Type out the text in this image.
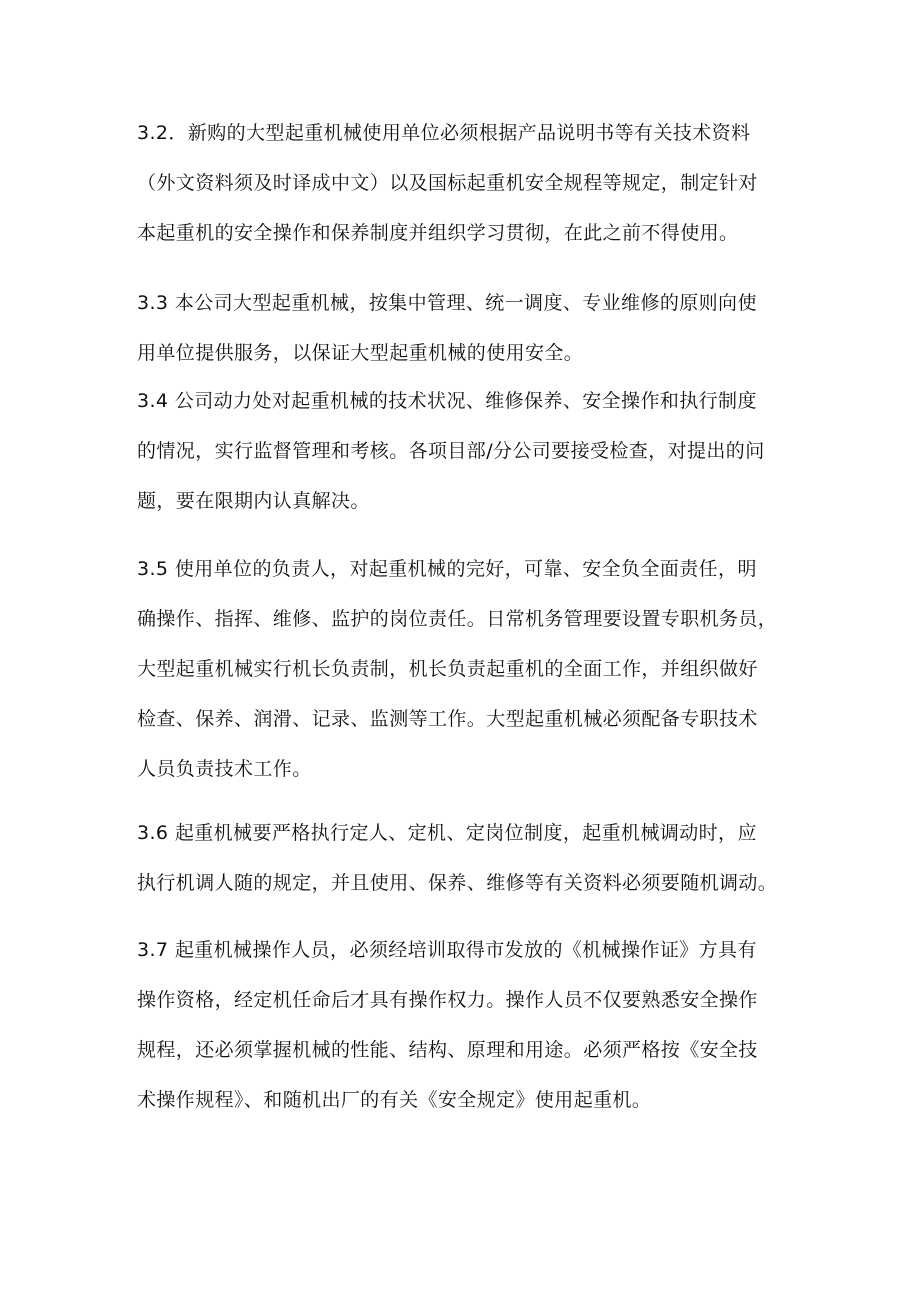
3.2．新购的大型起重机械使用单位必须根据产品说明书等有关技术资料
（外文资料须及时译成中文）以及国标起重机安全规程等规定，制定针对
本起重机的安全操作和保养制度并组织学习贯彻，在此之前不得使用。
3.3 本公司大型起重机械，按集中管理、统一调度、专业维修的原则向使
用单位提供服务，以保证大型起重机械的使用安全。
3.4 公司动力处对起重机械的技术状况、维修保养、安全操作和执行制度
的情况，实行监督管理和考核。各项目部/分公司要接受检查，对提出的问
题，要在限期内认真解决。
3.5 使用单位的负责人，对起重机械的完好，可靠、安全负全面责任，明
确操作、指挥、维修、监护的岗位责任。日常机务管理要设置专职机务员，
大型起重机械实行机长负责制，机长负责起重机的全面工作，并组织做好
检查、保养、润滑、记录、监测等工作。大型起重机械必须配备专职技术
人员负责技术工作。
3.6 起重机械要严格执行定人、定机、定岗位制度，起重机械调动时，应
执行机调人随的规定，并且使用、保养、维修等有关资料必须要随机调动。
3.7 起重机械操作人员，必须经培训取得市发放的《机械操作证》方具有
操作资格，经定机任命后才具有操作权力。操作人员不仅要熟悉安全操作
规程，还必须掌握机械的性能、结构、原理和用途。必须严格按《安全技
术操作规程》、和随机出厂的有关《安全规定》使用起重机。
